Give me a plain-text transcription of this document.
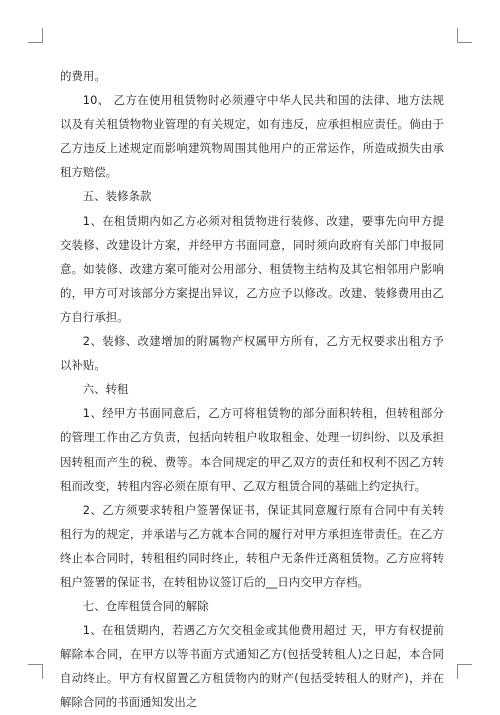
的费用。

10、 乙方在使用租赁物时必须遵守中华人民共和国的法律、地方法规以及有关租赁物物业管理的有关规定，如有违反，应承担相应责任。倘由于乙方违反上述规定而影响建筑物周围其他用户的正常运作，所造成损失由承租方赔偿。

五、装修条款

1、在租赁期内如乙方必须对租赁物进行装修、改建，要事先向甲方提交装修、改建设计方案，并经甲方书面同意，同时须向政府有关部门申报同意。如装修、改建方案可能对公用部分、租赁物主结构及其它相邻用户影响的，甲方可对该部分方案提出异议，乙方应予以修改。改建、装修费用由乙方自行承担。

2、装修、改建增加的附属物产权属甲方所有，乙方无权要求出租方予以补贴。

六、转租

1、经甲方书面同意后，乙方可将租赁物的部分面积转租，但转租部分的管理工作由乙方负责，包括向转租户收取租金、处理一切纠纷、以及承担因转租而产生的税、费等。本合同规定的甲乙双方的责任和权利不因乙方转租而改变，转租内容必须在原有甲、乙双方租赁合同的基础上约定执行。

2、乙方须要求转租户签署保证书，保证其同意履行原有合同中有关转租行为的规定，并承诺与乙方就本合同的履行对甲方承担连带责任。在乙方终止本合同时，转租租约同时终止，转租户无条件迁离租赁物。乙方应将转租户签署的保证书，在转租协议签订后的__日内交甲方存档。

七、仓库租赁合同的解除

1、在租赁期内，若遇乙方欠交租金或其他费用超过 天，甲方有权提前解除本合同，在甲方以等书面方式通知乙方(包括受转租人)之日起，本合同自动终止。甲方有权留置乙方租赁物内的财产(包括受转租人的财产)，并在解除合同的书面通知发出之
